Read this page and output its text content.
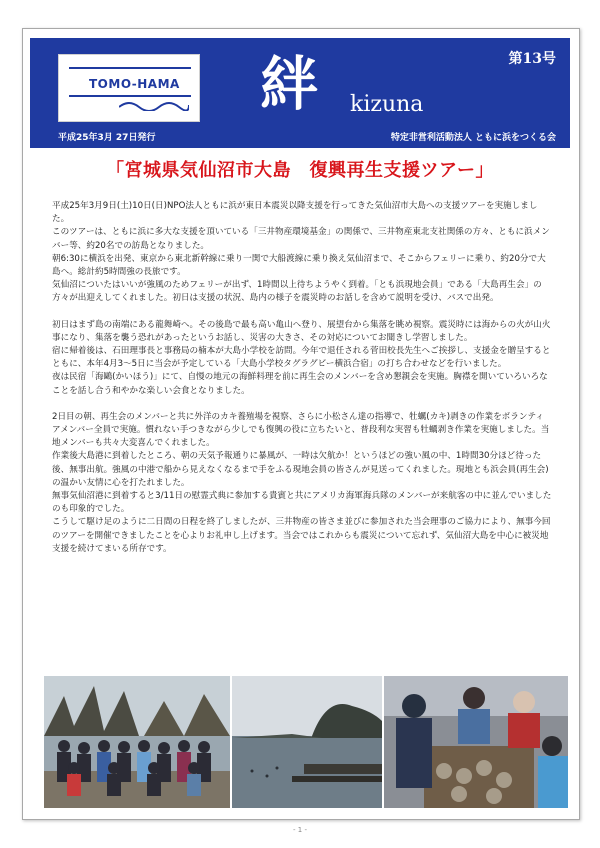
TOMO-HAMA 絆 kizuna
第13号
平成25年3月 27日発行	特定非営利活動法人 ともに浜をつくる会
「宮城県気仙沼市大島　復興再生支援ツアー」

平成25年3月9日(土)10日(日)NPO法人ともに浜が東日本震災以降支援を行ってきた気仙沼市大島への支援ツアーを実施しました。
このツアーは、ともに浜に多大な支援を頂いている「三井物産環境基金」の関係で、三井物産東北支社関係の方々、ともに浜メンバー等、約20名での訪島となりました。
朝6:30に横浜を出発、東京から東北新幹線に乗り一関で大船渡線に乗り換え気仙沼まで、そこからフェリーに乗り、約20分で大島へ。総計約5時間強の長旅です。
気仙沼についたはいいが強風のためフェリーが出ず、1時間以上待ちようやく到着。「とも浜現地会員」である「大島再生会」の方々が出迎えしてくれました。初日は支援の状況、島内の様子を震災時のお話しを含めて説明を受け、バスで出発。

初日はまず島の南端にある龍舞崎へ。その後島で最も高い亀山へ登り、展望台から集落を眺め視察。震災時には海からの火が山火事になり、集落を襲う恐れがあったというお話し、災害の大きさ、その対応についてお聞きし学習しました。
宿に帰着後は、石田理事長と事務局の楠本が大島小学校を訪問。今年で退任される菅田校長先生へご挨拶し、支援金を贈呈するとともに、本年4月3～5日に当会が予定している「大島小学校タグラグビー横浜合宿」の打ち合わせなどを行いました。
夜は民宿「海鷗(かいほう)」にて、自慢の地元の海鮮料理を前に再生会のメンバーを含め懇親会を実施。胸襟を開いていろいろなことを話し合う和やかな楽しい会食となりました。

2日目の朝、再生会のメンバーと共に外洋のカキ養殖場を視察、さらに小松さん達の指導で、牡蠣(カキ)剥きの作業をボランティアメンバー全員で実施。慣れない手つきながら少しでも復興の役に立ちたいと、普段利な実習も牡蠣剥き作業を実施しました。当地メンバーも共々大変喜んでくれました。
作業後大島港に到着したところ、朝の天気予報通りに暴風が、一時は欠航か！というほどの強い風の中、1時間30分ほど待った後、無事出航。強風の中港で船から見えなくなるまで手をふる現地会員の皆さんが見送ってくれました。現地とも浜会員(再生会)の温かい友情に心を打たれました。
無事気仙沼港に到着すると3/11日の慰霊式典に参加する貴賓と共にアメリカ海軍海兵隊のメンバーが来航客の中に並んでいましたのも印象的でした。
こうして駆け足のように二日間の日程を終了しましたが、三井物産の皆さま並びに参加された当会理事のご協力により、無事今回のツアーを開催できましたことを心よりお礼申し上げます。当会ではこれからも震災について忘れず、気仙沼大島を中心に被災地支援を続けてまいる所存です。

- 1 -
